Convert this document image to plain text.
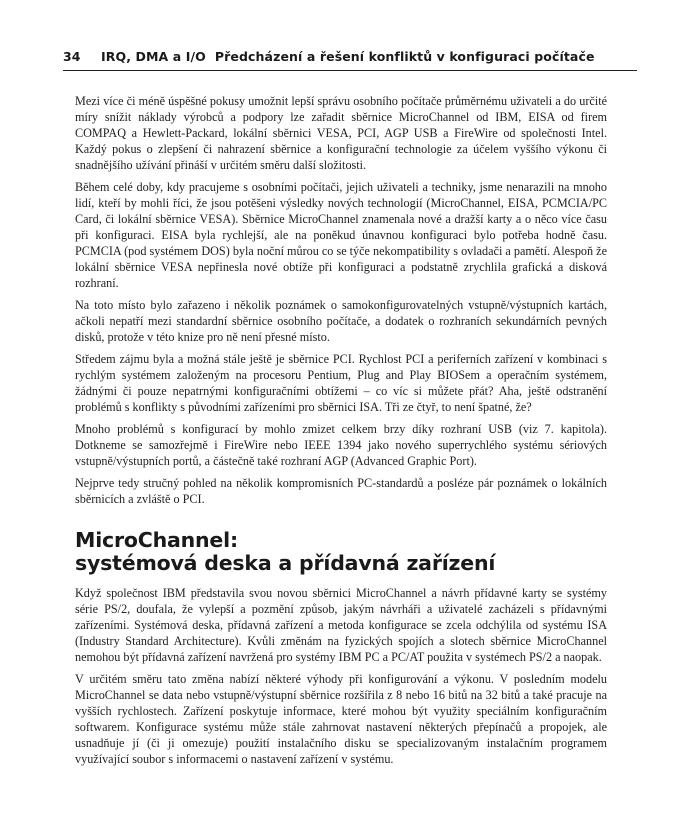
34 IRQ, DMA a I/O Předcházení a řešení konfliktů v konfiguraci počítače

Mezi více či méně úspěšné pokusy umožnit lepší správu osobního počítače průměrnému uživateli a do určité míry snížit náklady výrobců a podpory lze zařadit sběrnice MicroChannel od IBM, EISA od firem COMPAQ a Hewlett-Packard, lokální sběrnici VESA, PCI, AGP USB a FireWire od společnosti Intel. Každý pokus o zlepšení či nahrazení sběrnice a konfigurační technologie za účelem vyššího výkonu či snadnějšího užívání přináší v určitém směru další složitosti.

Během celé doby, kdy pracujeme s osobními počítači, jejich uživateli a techniky, jsme nenarazili na mnoho lidí, kteří by mohli říci, že jsou potěšeni výsledky nových technologií (MicroChannel, EISA, PCMCIA/PC Card, či lokální sběrnice VESA). Sběrnice MicroChannel znamenala nové a dražší karty a o něco více času při konfiguraci. EISA byla rychlejší, ale na poněkud únavnou konfiguraci bylo potřeba hodně času. PCMCIA (pod systémem DOS) byla noční můrou co se týče nekompatibility s ovladači a pamětí. Alespoň že lokální sběrnice VESA nepřinesla nové obtíže při konfiguraci a podstatně zrychlila grafická a disková rozhraní.

Na toto místo bylo zařazeno i několik poznámek o samokonfigurovatelných vstupně/výstupních kartách, ačkoli nepatří mezi standardní sběrnice osobního počítače, a dodatek o rozhraních sekundárních pevných disků, protože v této knize pro ně není přesné místo.

Středem zájmu byla a možná stále ještě je sběrnice PCI. Rychlost PCI a periferních zařízení v kombinaci s rychlým systémem založeným na procesoru Pentium, Plug and Play BIOSem a operačním systémem, žádnými či pouze nepatrnými konfiguračními obtížemi – co víc si můžete přát? Aha, ještě odstranění problémů s konflikty s původními zařízeními pro sběrnici ISA. Tři ze čtyř, to není špatné, že?

Mnoho problémů s konfigurací by mohlo zmizet celkem brzy díky rozhraní USB (viz 7. kapitola). Dotkneme se samozřejmě i FireWire nebo IEEE 1394 jako nového superrychlého systému sériových vstupně/výstupních portů, a částečně také rozhraní AGP (Advanced Graphic Port).

Nejprve tedy stručný pohled na několik kompromisních PC-standardů a posléze pár poznámek o lokálních sběrnicích a zvláště o PCI.

MicroChannel:
systémová deska a přídavná zařízení

Když společnost IBM představila svou novou sběrnici MicroChannel a návrh přídavné karty se systémy série PS/2, doufala, že vylepší a pozmění způsob, jakým návrháři a uživatelé zacházeli s přídavnými zařízeními. Systémová deska, přídavná zařízení a metoda konfigurace se zcela odchýlila od systému ISA (Industry Standard Architecture). Kvůli změnám na fyzických spojích a slotech sběrnice MicroChannel nemohou být přídavná zařízení navržená pro systémy IBM PC a PC/AT použita v systémech PS/2 a naopak.

V určitém směru tato změna nabízí některé výhody při konfigurování a výkonu. V posledním modelu MicroChannel se data nebo vstupně/výstupní sběrnice rozšířila z 8 nebo 16 bitů na 32 bitů a také pracuje na vyšších rychlostech. Zařízení poskytuje informace, které mohou být využity speciálním konfiguračním softwarem. Konfigurace systému může stále zahrnovat nastavení některých přepínačů a propojek, ale usnadňuje jí (či ji omezuje) použití instalačního disku se specializovaným instalačním programem využívající soubor s informacemi o nastavení zařízení v systému.
